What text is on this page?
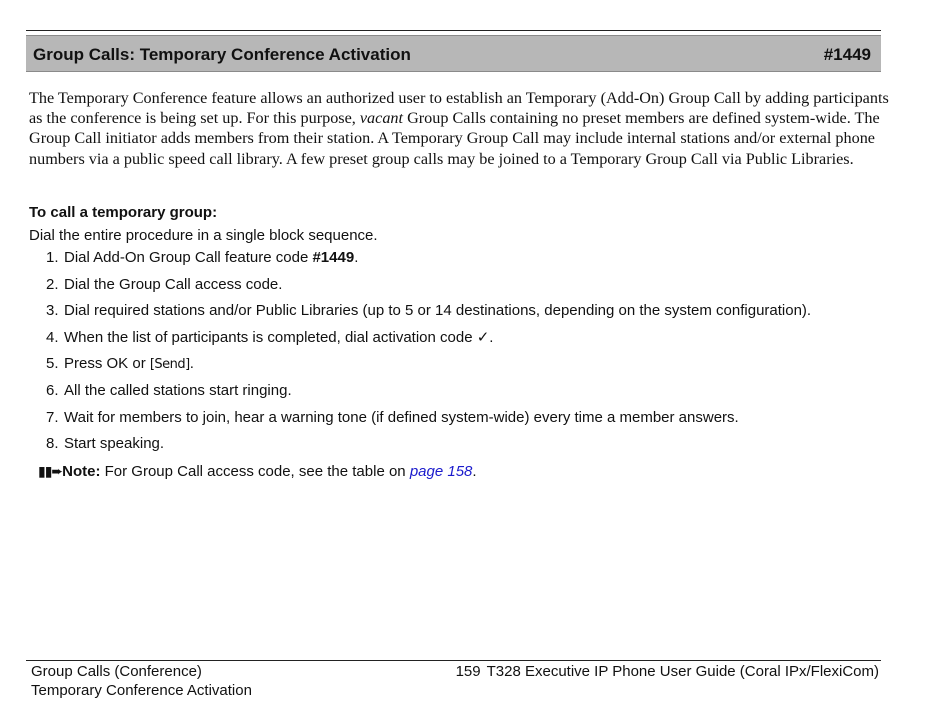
Group Calls: Temporary Conference Activation	#1449

The Temporary Conference feature allows an authorized user to establish an Temporary (Add-On) Group Call by adding participants as the conference is being set up. For this purpose, vacant Group Calls containing no preset members are defined system-wide. The Group Call initiator adds members from their station. A Temporary Group Call may include internal stations and/or external phone numbers via a public speed call library. A few preset group calls may be joined to a Temporary Group Call via Public Libraries.

To call a temporary group:
Dial the entire procedure in a single block sequence.
1. Dial Add-On Group Call feature code #1449.
2. Dial the Group Call access code.
3. Dial required stations and/or Public Libraries (up to 5 or 14 destinations, depending on the system configuration).
4. When the list of participants is completed, dial activation code ✓.
5. Press OK or [Send].
6. All the called stations start ringing.
7. Wait for members to join, hear a warning tone (if defined system-wide) every time a member answers.
8. Start speaking.
▮▮➨Note: For Group Call access code, see the table on page 158.
Group Calls (Conference)
Temporary Conference Activation
159 T328 Executive IP Phone User Guide (Coral IPx/FlexiCom)
